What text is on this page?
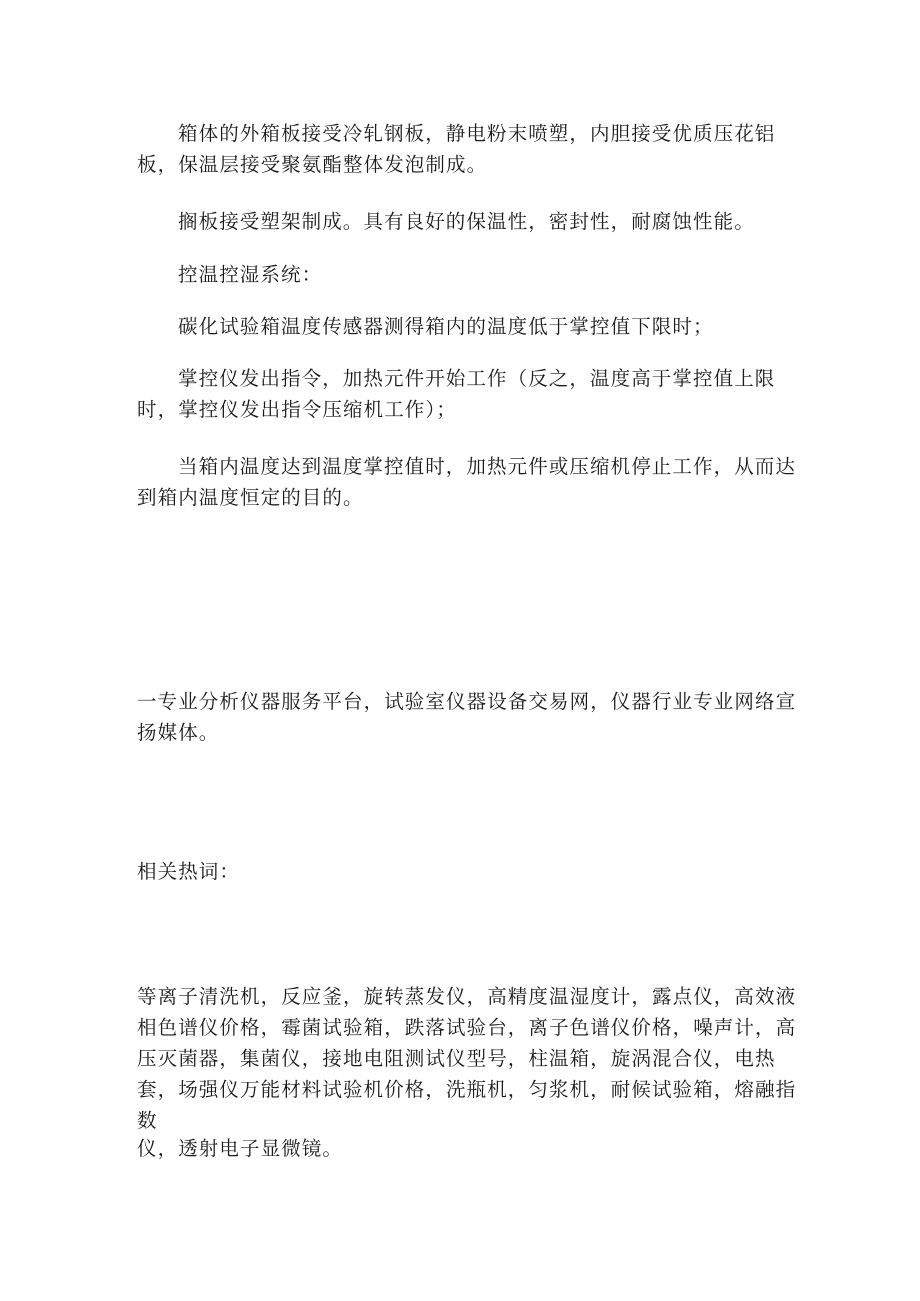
箱体的外箱板接受冷轧钢板，静电粉末喷塑，内胆接受优质压花铝板，保温层接受聚氨酯整体发泡制成。

搁板接受塑架制成。具有良好的保温性，密封性，耐腐蚀性能。

控温控湿系统：

碳化试验箱温度传感器测得箱内的温度低于掌控值下限时；

掌控仪发出指令，加热元件开始工作（反之，温度高于掌控值上限时，掌控仪发出指令压缩机工作）；

当箱内温度达到温度掌控值时，加热元件或压缩机停止工作，从而达到箱内温度恒定的目的。

一专业分析仪器服务平台，试验室仪器设备交易网，仪器行业专业网络宣扬媒体。

相关热词：

等离子清洗机，反应釜，旋转蒸发仪，高精度温湿度计，露点仪，高效液相色谱仪价格，霉菌试验箱，跌落试验台，离子色谱仪价格，噪声计，高压灭菌器，集菌仪，接地电阻测试仪型号，柱温箱，旋涡混合仪，电热套，场强仪万能材料试验机价格，洗瓶机，匀浆机，耐候试验箱，熔融指数

仪，透射电子显微镜。
